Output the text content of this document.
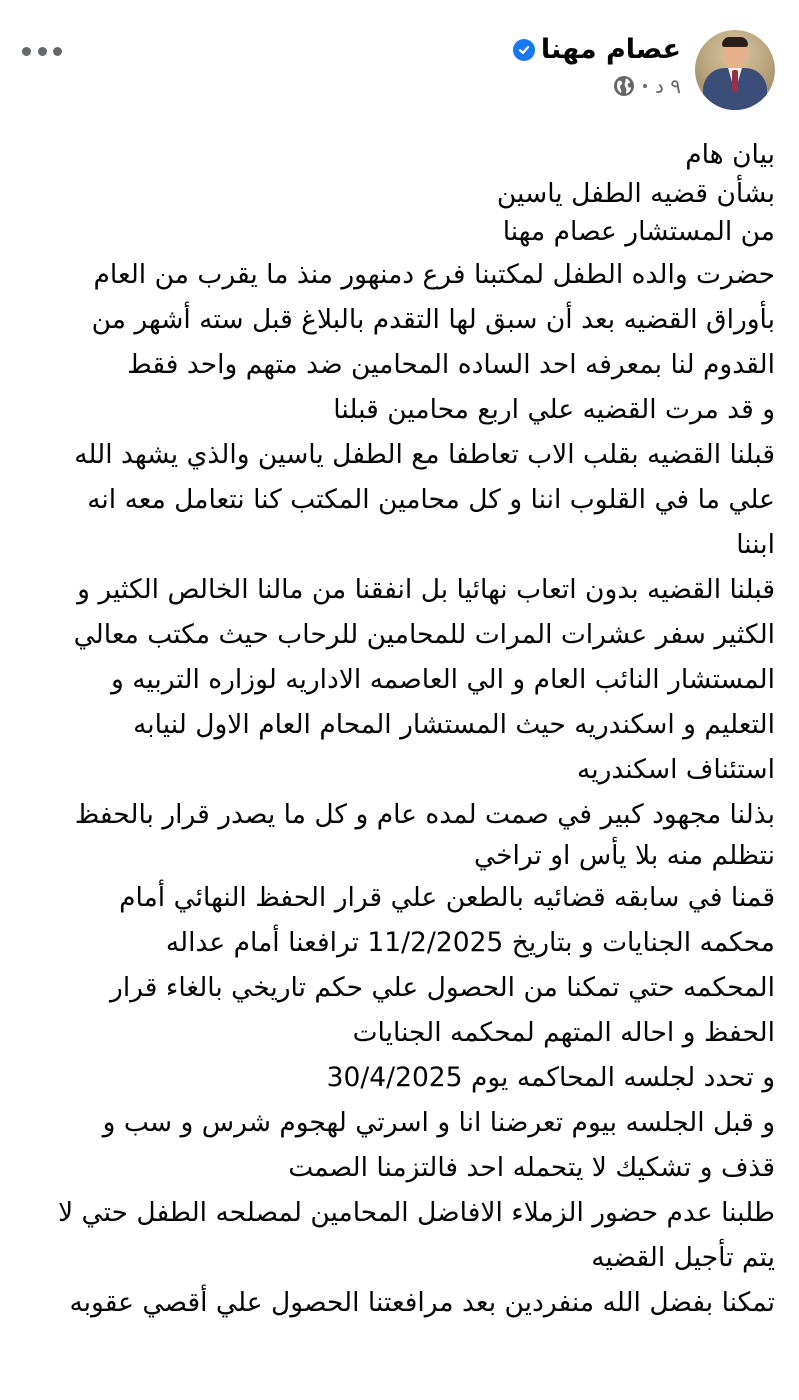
عصام مهنا
٩ د
بيان هام
بشأن قضيه الطفل ياسين
من المستشار عصام مهنا
حضرت والده الطفل لمكتبنا فرع دمنهور منذ ما يقرب من العام
بأوراق القضيه بعد أن سبق لها التقدم بالبلاغ قبل سته أشهر من
القدوم لنا بمعرفه احد الساده المحامين ضد متهم واحد فقط
و قد مرت القضيه علي اربع محامين قبلنا
قبلنا القضيه بقلب الاب تعاطفا مع الطفل ياسين والذي يشهد الله
علي ما في القلوب اننا و كل محامين المكتب كنا نتعامل معه انه
ابننا
قبلنا القضيه بدون اتعاب نهائيا بل انفقنا من مالنا الخالص الكثير و
الكثير سفر عشرات المرات للمحامين للرحاب حيث مكتب معالي
المستشار النائب العام و الي العاصمه الاداريه لوزاره التربيه و
التعليم و اسكندريه حيث المستشار المحام العام الاول لنيابه
استئناف اسكندريه
بذلنا مجهود كبير في صمت لمده عام و كل ما يصدر قرار بالحفظ
نتظلم منه بلا يأس او تراخي
قمنا في سابقه قضائيه بالطعن علي قرار الحفظ النهائي أمام
محكمه الجنايات و بتاريخ 11/2/2025 ترافعنا أمام عداله
المحكمه حتي تمكنا من الحصول علي حكم تاريخي بالغاء قرار
الحفظ و احاله المتهم لمحكمه الجنايات
و تحدد لجلسه المحاكمه يوم 30/4/2025
و قبل الجلسه بيوم تعرضنا انا و اسرتي لهجوم شرس و سب و
قذف و تشكيك لا يتحمله احد فالتزمنا الصمت
طلبنا عدم حضور الزملاء الافاضل المحامين لمصلحه الطفل حتي لا
يتم تأجيل القضيه
تمكنا بفضل الله منفردين بعد مرافعتنا الحصول علي أقصي عقوبه
